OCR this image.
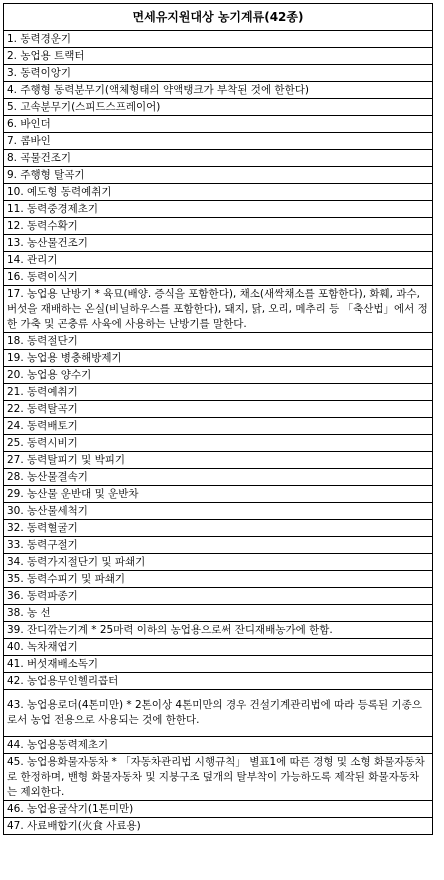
면세유지원대상 농기계류(42종)
1. 동력경운기
2. 농업용 트랙터
3. 동력이앙기
4. 주행형 동력분무기(액체형태의 약액탱크가 부착된 것에 한한다)
5. 고속분무기(스피드스프레이어)
6. 바인더
7. 콤바인
8. 곡물건조기
9. 주행형 탈곡기
10. 예도형 동력예취기
11. 동력중경제초기
12. 동력수확기
13. 농산물건조기
14. 관리기
16. 동력이식기
17. 농업용 난방기 * 육묘(배양. 증식을 포함한다), 채소(새싹채소를 포함한다), 화훼, 과수, 버섯을 재배하는 온실(비닐하우스를 포함한다), 돼지, 닭, 오리, 메추리 등 「축산법」에서 정한 가축 및 곤충류 사육에 사용하는 난방기를 말한다.
18. 동력절단기
19. 농업용 병충해방제기
20. 농업용 양수기
21. 동력예취기
22. 동력탈곡기
24. 동력배토기
25. 동력시비기
27. 동력탈피기 및 박피기
28. 농산물결속기
29. 농산물 운반대 및 운반차
30. 농산물세척기
32. 동력혈굴기
33. 동력구절기
34. 동력가지절단기 및 파쇄기
35. 동력수피기 및 파쇄기
36. 동력파종기
38. 농 선
39. 잔디깎는기계 * 25마력 이하의 농업용으로써 잔디재배농가에 한함.
40. 녹차채엽기
41. 버섯재배소독기
42. 농업용무인헬리콥터
43. 농업용로더(4톤미만) * 2톤이상 4톤미만의 경우 건설기계관리법에 따라 등록된 기종으로서 농업 전용으로 사용되는 것에 한한다.
44. 농업용동력제초기
45. 농업용화물자동차 * 「자동차관리법 시행규칙」 별표1에 따른 경형 및 소형 화물자동차로 한정하며, 밴형 화물자동차 및 지붕구조 덮개의 탈부착이 가능하도록 제작된 화물자동차는 제외한다.
46. 농업용굴삭기(1톤미만)
47. 사료배합기(火食 사료용)
